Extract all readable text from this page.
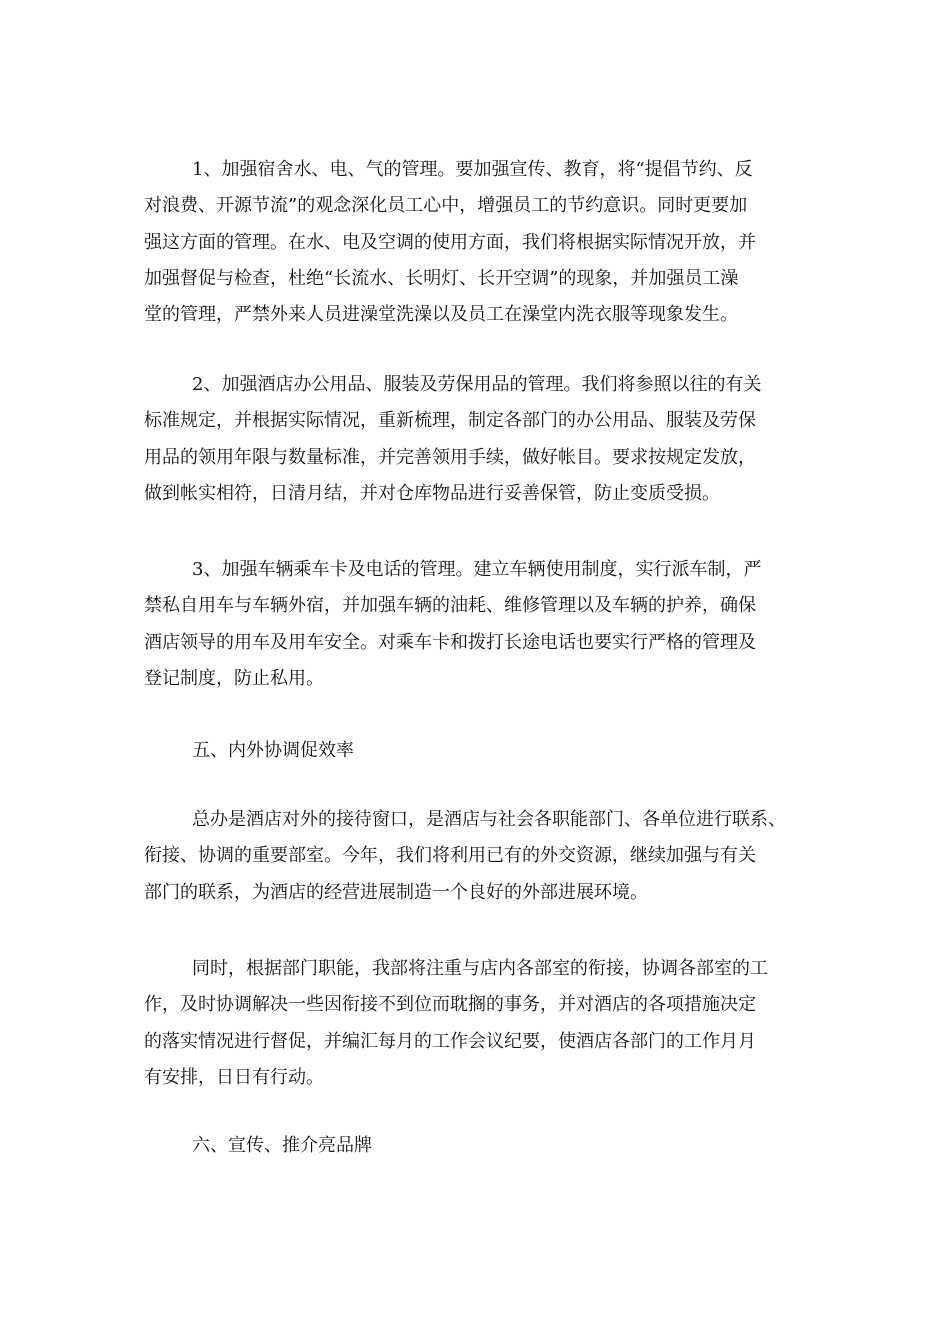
1、加强宿舍水、电、气的管理。要加强宣传、教育，将“提倡节约、反
对浪费、开源节流”的观念深化员工心中，增强员工的节约意识。同时更要加
强这方面的管理。在水、电及空调的使用方面，我们将根据实际情况开放，并
加强督促与检查，杜绝“长流水、长明灯、长开空调”的现象，并加强员工澡
堂的管理，严禁外来人员进澡堂洗澡以及员工在澡堂内洗衣服等现象发生。

2、加强酒店办公用品、服装及劳保用品的管理。我们将参照以往的有关
标准规定，并根据实际情况，重新梳理，制定各部门的办公用品、服装及劳保
用品的领用年限与数量标准，并完善领用手续，做好帐目。要求按规定发放，
做到帐实相符，日清月结，并对仓库物品进行妥善保管，防止变质受损。

3、加强车辆乘车卡及电话的管理。建立车辆使用制度，实行派车制，严
禁私自用车与车辆外宿，并加强车辆的油耗、维修管理以及车辆的护养，确保
酒店领导的用车及用车安全。对乘车卡和拨打长途电话也要实行严格的管理及
登记制度，防止私用。

五、内外协调促效率

总办是酒店对外的接待窗口，是酒店与社会各职能部门、各单位进行联系、
衔接、协调的重要部室。今年，我们将利用已有的外交资源，继续加强与有关
部门的联系，为酒店的经营进展制造一个良好的外部进展环境。

同时，根据部门职能，我部将注重与店内各部室的衔接，协调各部室的工
作，及时协调解决一些因衔接不到位而耽搁的事务，并对酒店的各项措施决定
的落实情况进行督促，并编汇每月的工作会议纪要，使酒店各部门的工作月月
有安排，日日有行动。

六、宣传、推介亮品牌
